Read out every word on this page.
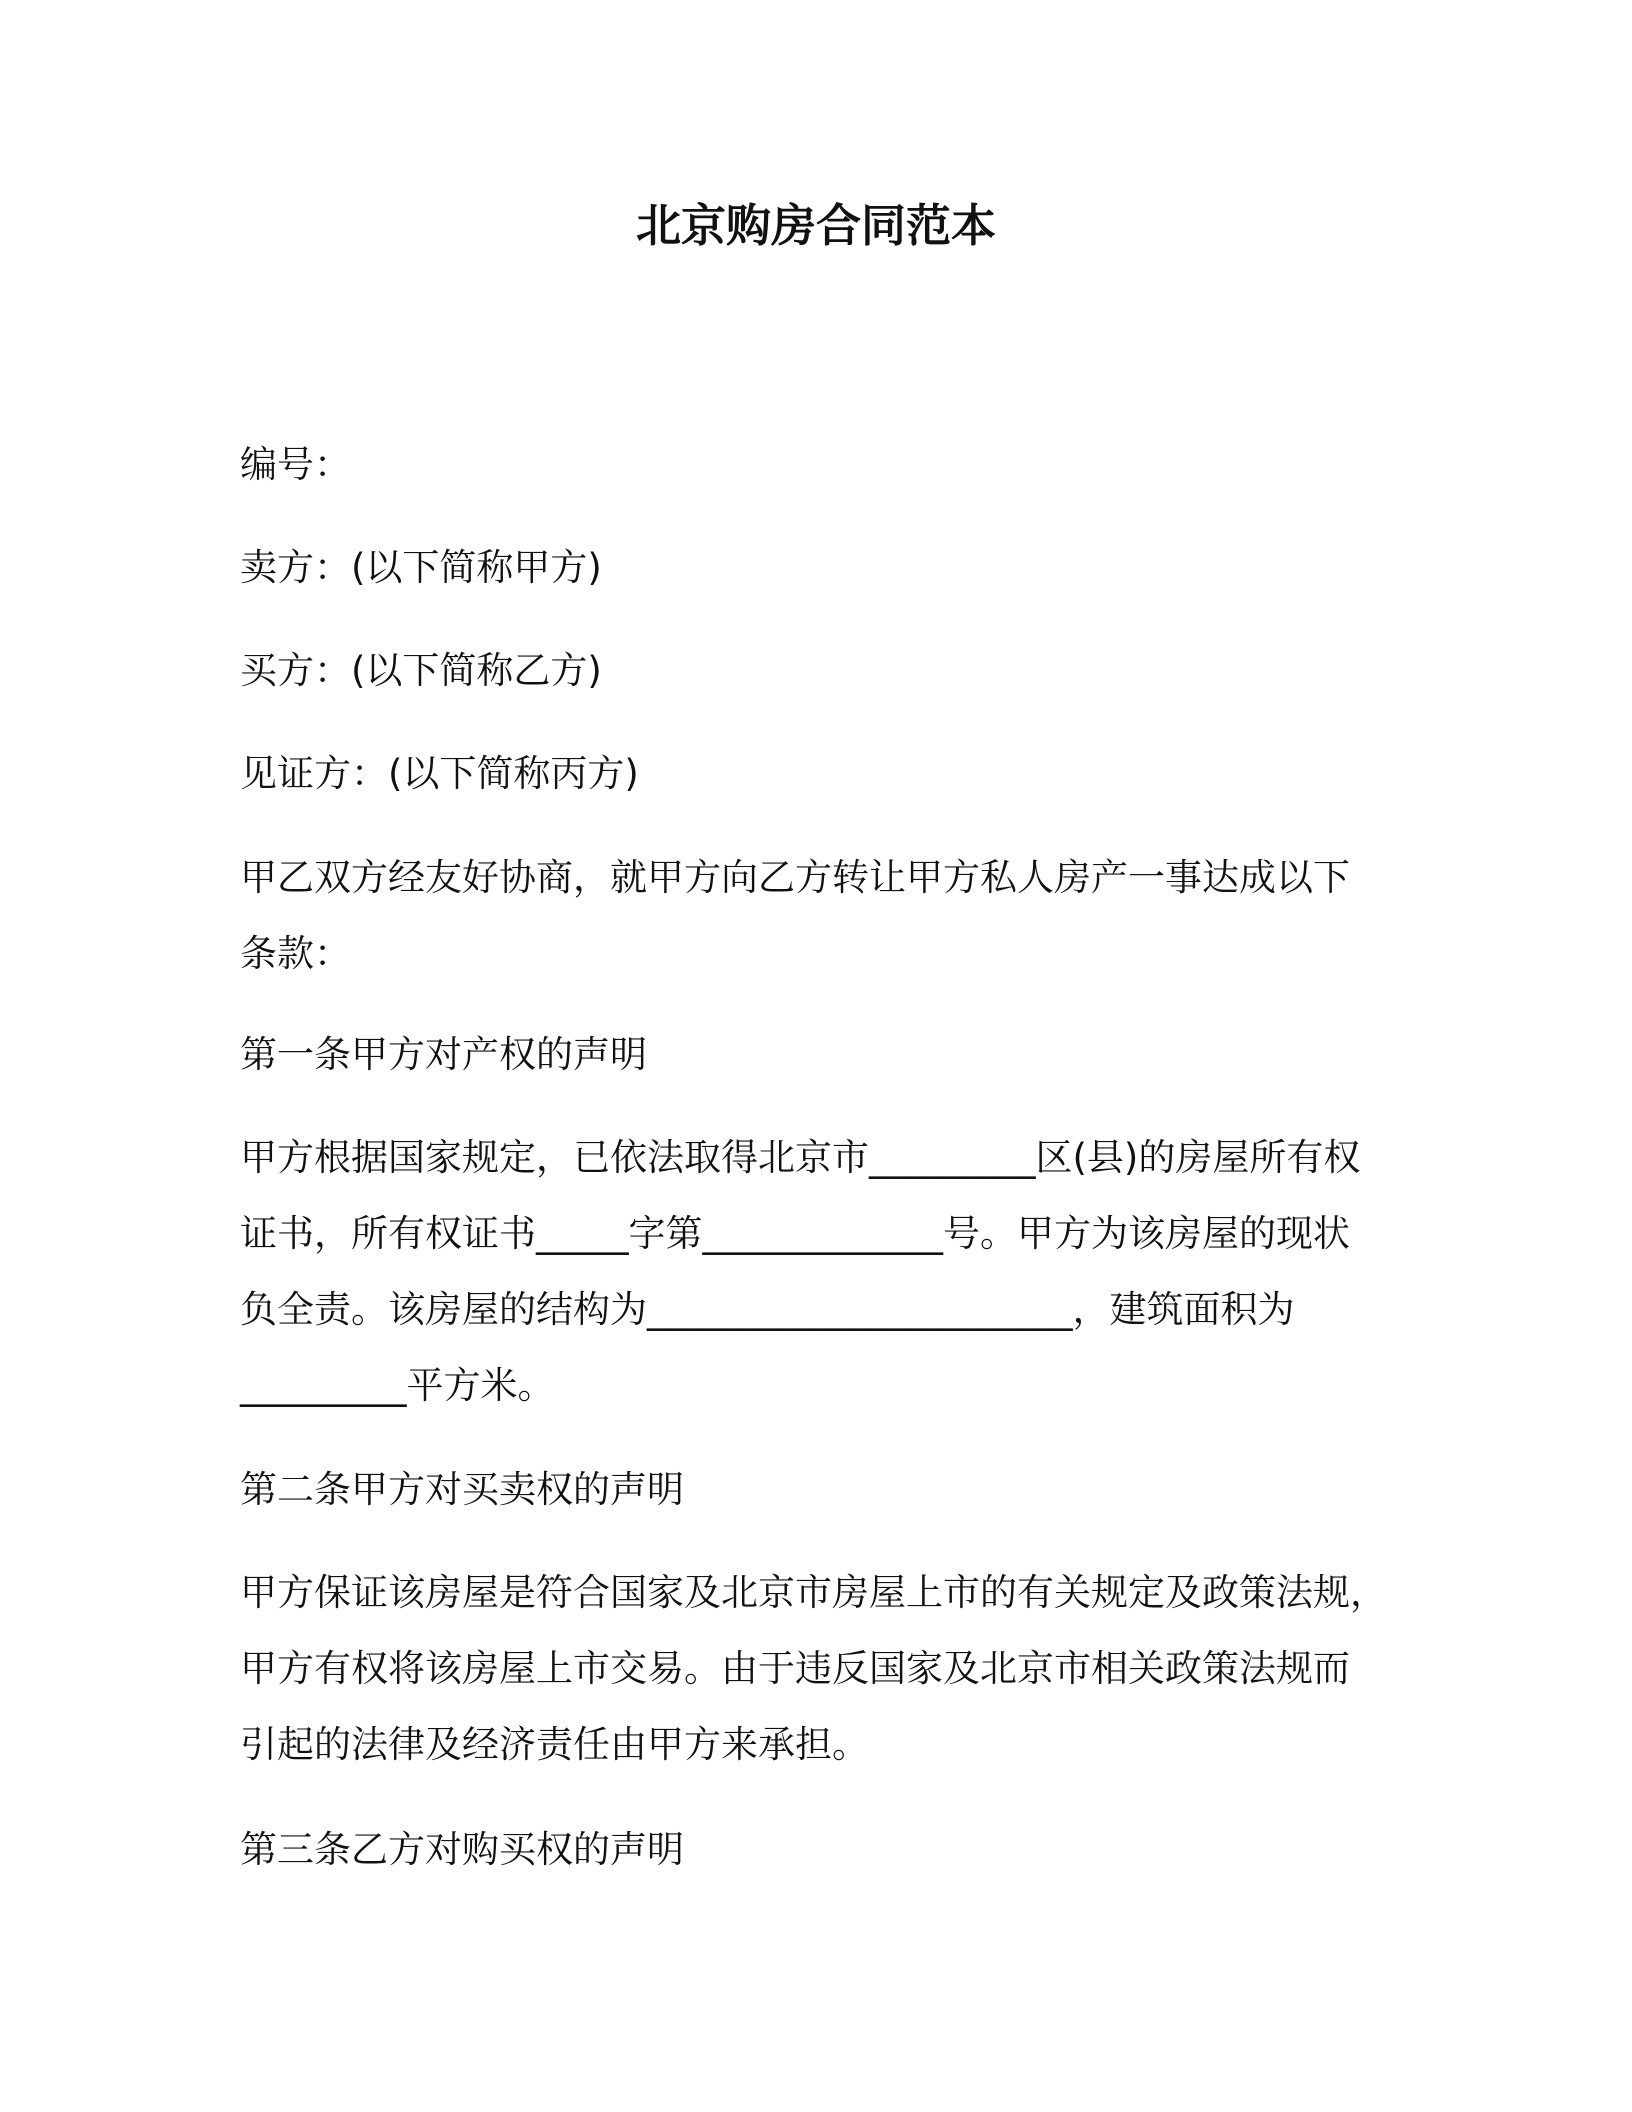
北京购房合同范本
编号：
卖方：(以下简称甲方)
买方：(以下简称乙方)
见证方：(以下简称丙方)
甲乙双方经友好协商，就甲方向乙方转让甲方私人房产一事达成以下
条款：
第一条甲方对产权的声明
甲方根据国家规定，已依法取得北京市_________区(县)的房屋所有权
证书，所有权证书_____字第_____________号。甲方为该房屋的现状
负全责。该房屋的结构为_______________________，建筑面积为
_________平方米。
第二条甲方对买卖权的声明
甲方保证该房屋是符合国家及北京市房屋上市的有关规定及政策法规，
甲方有权将该房屋上市交易。由于违反国家及北京市相关政策法规而
引起的法律及经济责任由甲方来承担。
第三条乙方对购买权的声明
